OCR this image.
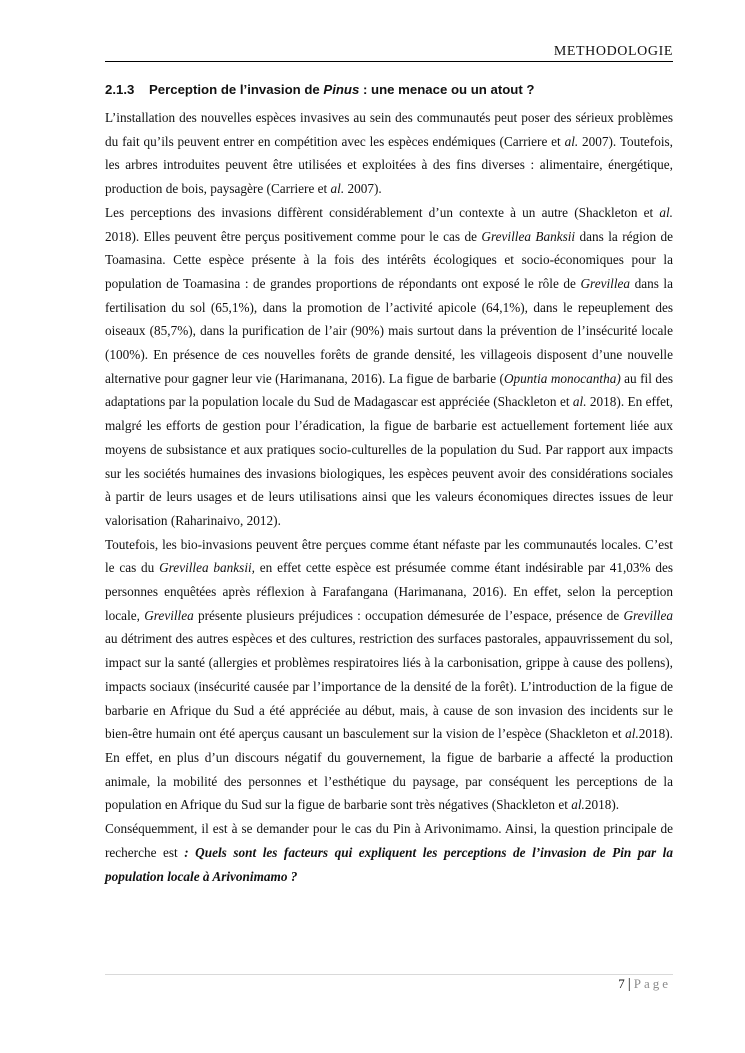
METHODOLOGIE
2.1.3 Perception de l’invasion de Pinus : une menace ou un atout ?

L’installation des nouvelles espèces invasives au sein des communautés peut poser des sérieux problèmes du fait qu’ils peuvent entrer en compétition avec les espèces endémiques (Carriere et al. 2007). Toutefois, les arbres introduites peuvent être utilisées et exploitées à des fins diverses : alimentaire, énergétique, production de bois, paysagère (Carriere et al. 2007).

Les perceptions des invasions diffèrent considérablement d’un contexte à un autre (Shackleton et al. 2018). Elles peuvent être perçus positivement comme pour le cas de Grevillea Banksii dans la région de Toamasina. Cette espèce présente à la fois des intérêts écologiques et socio-économiques pour la population de Toamasina : de grandes proportions de répondants ont exposé le rôle de Grevillea dans la fertilisation du sol (65,1%), dans la promotion de l’activité apicole (64,1%), dans le repeuplement des oiseaux (85,7%), dans la purification de l’air (90%) mais surtout dans la prévention de l’insécurité locale (100%). En présence de ces nouvelles forêts de grande densité, les villageois disposent d’une nouvelle alternative pour gagner leur vie (Harimanana, 2016). La figue de barbarie (Opuntia monocantha) au fil des adaptations par la population locale du Sud de Madagascar est appréciée (Shackleton et al. 2018). En effet, malgré les efforts de gestion pour l’éradication, la figue de barbarie est actuellement fortement liée aux moyens de subsistance et aux pratiques socio-culturelles de la population du Sud. Par rapport aux impacts sur les sociétés humaines des invasions biologiques, les espèces peuvent avoir des considérations sociales à partir de leurs usages et de leurs utilisations ainsi que les valeurs économiques directes issues de leur valorisation (Raharinaivo, 2012).

Toutefois, les bio-invasions peuvent être perçues comme étant néfaste par les communautés locales. C’est le cas du Grevillea banksii, en effet cette espèce est présumée comme étant indésirable par 41,03% des personnes enquêtées après réflexion à Farafangana (Harimanana, 2016). En effet, selon la perception locale, Grevillea présente plusieurs préjudices : occupation démesurée de l’espace, présence de Grevillea au détriment des autres espèces et des cultures, restriction des surfaces pastorales, appauvrissement du sol, impact sur la santé (allergies et problèmes respiratoires liés à la carbonisation, grippe à cause des pollens), impacts sociaux (insécurité causée par l’importance de la densité de la forêt). L’introduction de la figue de barbarie en Afrique du Sud a été appréciée au début, mais, à cause de son invasion des incidents sur le bien-être humain ont été aperçus causant un basculement sur la vision de l’espèce (Shackleton et al.2018). En effet, en plus d’un discours négatif du gouvernement, la figue de barbarie a affecté la production animale, la mobilité des personnes et l’esthétique du paysage, par conséquent les perceptions de la population en Afrique du Sud sur la figue de barbarie sont très négatives (Shackleton et al.2018).

Conséquemment, il est à se demander pour le cas du Pin à Arivonimamo. Ainsi, la question principale de recherche est : Quels sont les facteurs qui expliquent les perceptions de l’invasion de Pin par la population locale à Arivonimamo ?

7 | Page
